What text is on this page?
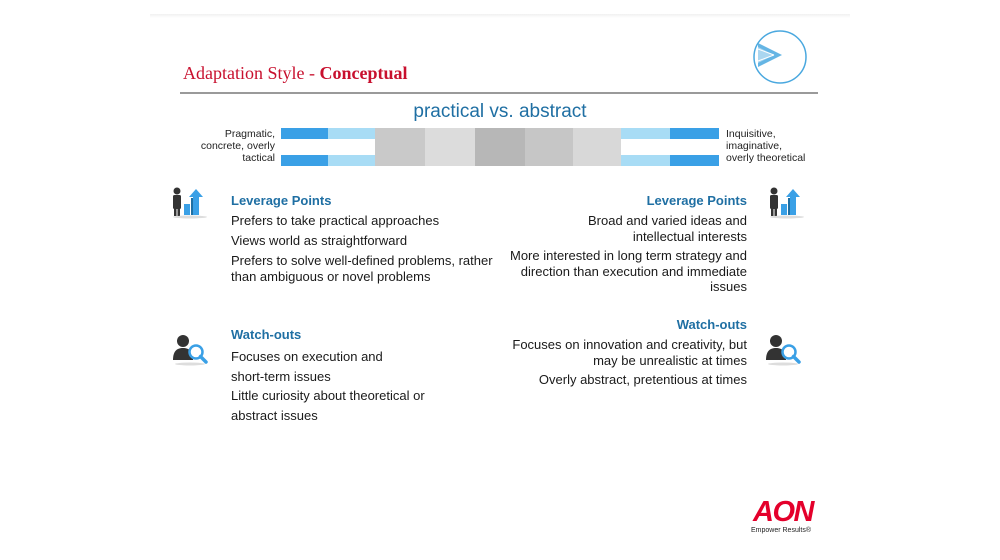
Adaptation Style - Conceptual
practical vs. abstract
Pragmatic,
concrete, overly
tactical
Inquisitive,
imaginative,
overly theoretical
Leverage Points
Prefers to take practical approaches
Views world as straightforward
Prefers to solve well-defined problems, rather than ambiguous or novel problems
Watch-outs
Focuses on execution and short-term issues
Little curiosity about theoretical or abstract issues
Leverage Points
Broad and varied ideas and intellectual interests
More interested in long term strategy and direction than execution and immediate issues
Watch-outs
Focuses on innovation and creativity, but may be unrealistic at times
Overly abstract, pretentious at times
AON
Empower Results®
